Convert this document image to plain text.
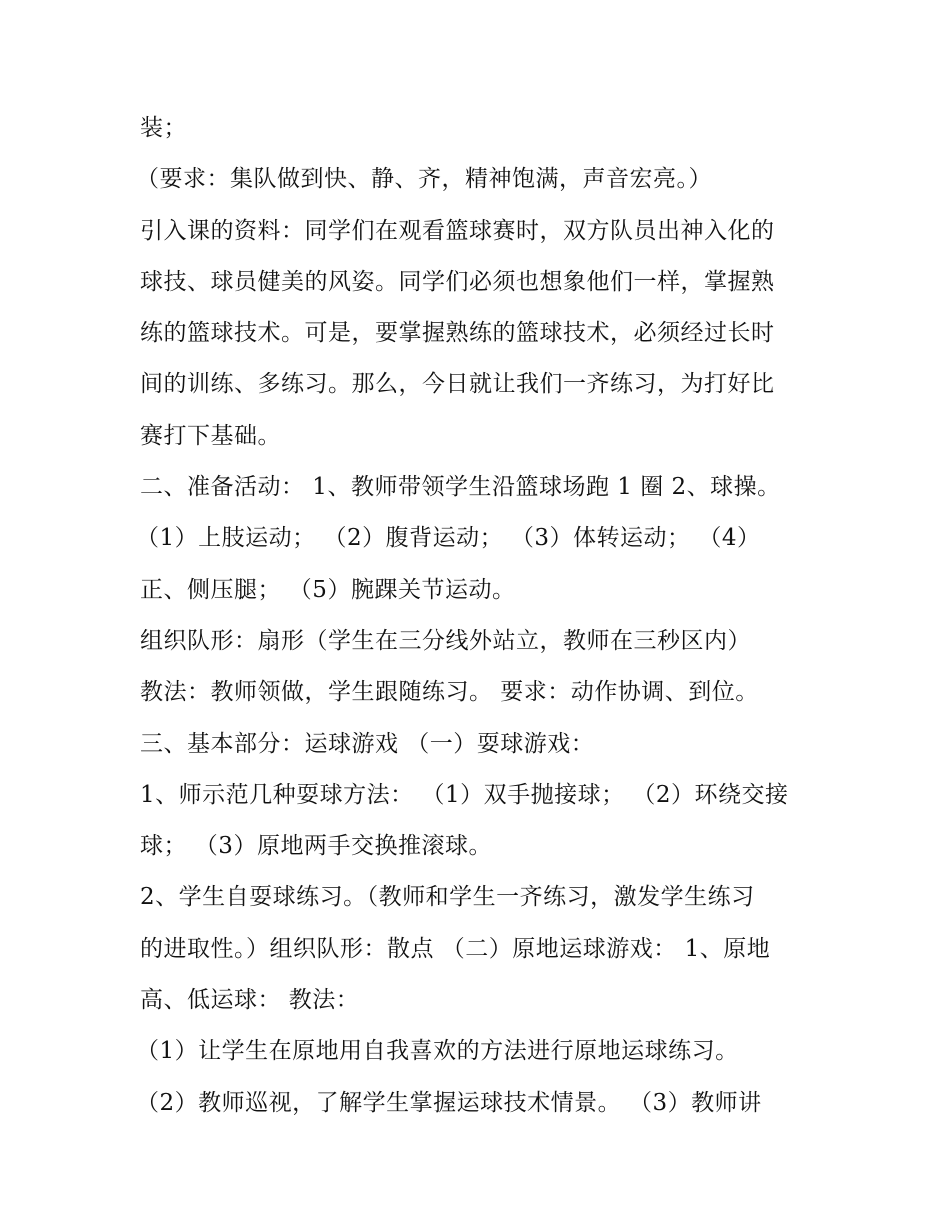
装；
（要求：集队做到快、静、齐，精神饱满，声音宏亮。）
引入课的资料：同学们在观看篮球赛时，双方队员出神入化的
球技、球员健美的风姿。同学们必须也想象他们一样，掌握熟
练的篮球技术。可是，要掌握熟练的篮球技术，必须经过长时
间的训练、多练习。那么，今日就让我们一齐练习，为打好比
赛打下基础。
二、准备活动： 1、教师带领学生沿篮球场跑 1 圈 2、球操。
（1）上肢运动； （2）腹背运动； （3）体转运动； （4）
正、侧压腿； （5）腕踝关节运动。
组织队形：扇形（学生在三分线外站立，教师在三秒区内）
教法：教师领做，学生跟随练习。 要求：动作协调、到位。
三、基本部分：运球游戏 （一）耍球游戏：
1、师示范几种耍球方法： （1）双手抛接球； （2）环绕交接
球； （3）原地两手交换推滚球。
2、学生自耍球练习。（教师和学生一齐练习，激发学生练习
的进取性。）组织队形：散点 （二）原地运球游戏： 1、原地
高、低运球： 教法：
（1）让学生在原地用自我喜欢的方法进行原地运球练习。
（2）教师巡视，了解学生掌握运球技术情景。 （3）教师讲
